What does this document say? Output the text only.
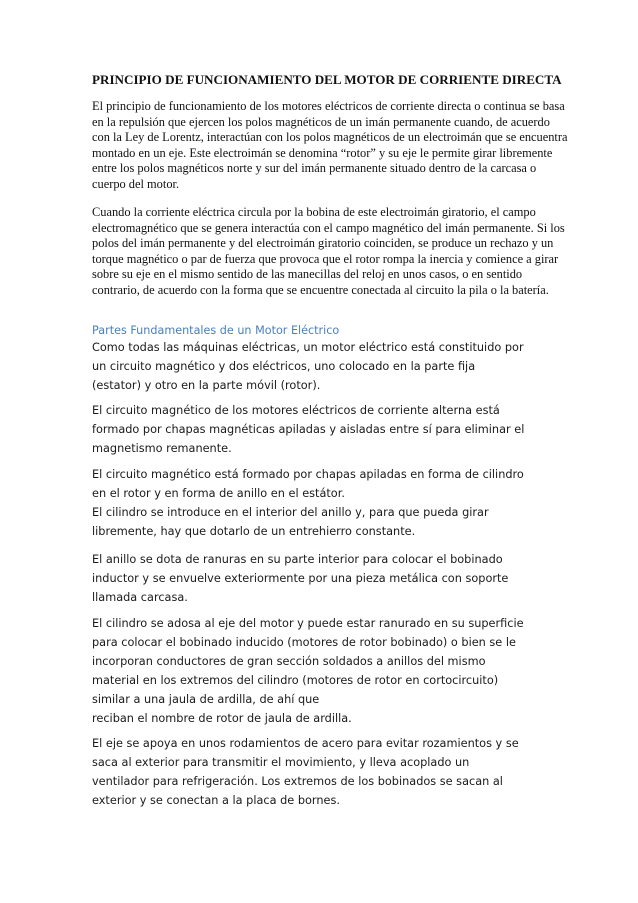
PRINCIPIO DE FUNCIONAMIENTO DEL MOTOR DE CORRIENTE DIRECTA
El principio de funcionamiento de los motores eléctricos de corriente directa o continua se basa
en la repulsión que ejercen los polos magnéticos de un imán permanente cuando, de acuerdo
con la Ley de Lorentz, interactúan con los polos magnéticos de un electroimán que se encuentra
montado en un eje. Este electroimán se denomina “rotor” y su eje le permite girar libremente
entre los polos magnéticos norte y sur del imán permanente situado dentro de la carcasa o
cuerpo del motor.
Cuando la corriente eléctrica circula por la bobina de este electroimán giratorio, el campo
electromagnético que se genera interactúa con el campo magnético del imán permanente. Si los
polos del imán permanente y del electroimán giratorio coinciden, se produce un rechazo y un
torque magnético o par de fuerza que provoca que el rotor rompa la inercia y comience a girar
sobre su eje en el mismo sentido de las manecillas del reloj en unos casos, o en sentido
contrario, de acuerdo con la forma que se encuentre conectada al circuito la pila o la batería.
Partes Fundamentales de un Motor Eléctrico
Como todas las máquinas eléctricas, un motor eléctrico está constituido por
un circuito magnético y dos eléctricos, uno colocado en la parte fija
(estator) y otro en la parte móvil (rotor).
El circuito magnético de los motores eléctricos de corriente alterna está
formado por chapas magnéticas apiladas y aisladas entre sí para eliminar el
magnetismo remanente.
El circuito magnético está formado por chapas apiladas en forma de cilindro
en el rotor y en forma de anillo en el estátor.
El cilindro se introduce en el interior del anillo y, para que pueda girar
libremente, hay que dotarlo de un entrehierro constante.
El anillo se dota de ranuras en su parte interior para colocar el bobinado
inductor y se envuelve exteriormente por una pieza metálica con soporte
llamada carcasa.
El cilindro se adosa al eje del motor y puede estar ranurado en su superficie
para colocar el bobinado inducido (motores de rotor bobinado) o bien se le
incorporan conductores de gran sección soldados a anillos del mismo
material en los extremos del cilindro (motores de rotor en cortocircuito)
similar a una jaula de ardilla, de ahí que
reciban el nombre de rotor de jaula de ardilla.
El eje se apoya en unos rodamientos de acero para evitar rozamientos y se
saca al exterior para transmitir el movimiento, y lleva acoplado un
ventilador para refrigeración. Los extremos de los bobinados se sacan al
exterior y se conectan a la placa de bornes.
